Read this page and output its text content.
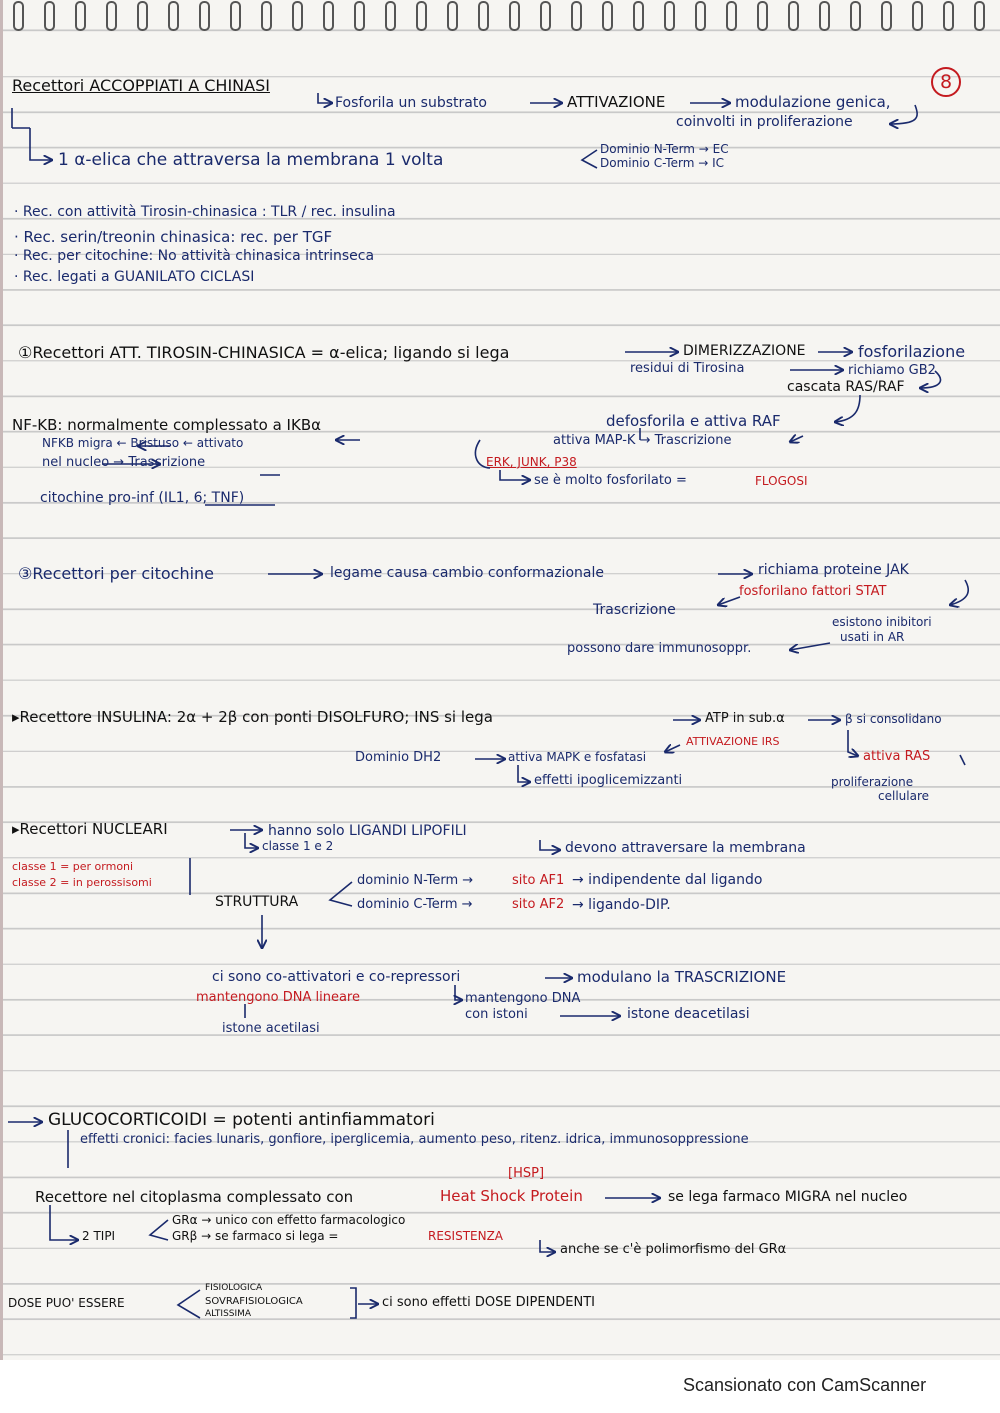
8
Recettori ACCOPPIATI A CHINASI
Fosforila un substrato	ATTIVAZIONE	modulazione genica,
coinvolti in proliferazione
1 α-elica che attraversa la membrana 1 volta
Dominio N-Term → EC
Dominio C-Term → IC
· Rec. con attività Tirosin-chinasica : TLR / rec. insulina
· Rec. serin/treonin chinasica: rec. per TGF
· Rec. per citochine: No attività chinasica intrinseca
· Rec. legati a GUANILATO CICLASI
①Recettori ATT. TIROSIN-CHINASICA = α-elica; ligando si lega	DIMERIZZAZIONE	fosforilazione
residui di Tirosina	richiamo GB2
cascata RAS/RAF
NF-KB: normalmente complessato a IKBα
NFKB migra ← Bristuso ← attivato
nel nucleo → Trascrizione
defosforila e attiva RAF
attiva MAP-K → Trascrizione
ERK, JUNK, P38
se è molto fosforilato =	FLOGOSI
citochine pro-inf (IL1, 6; TNF)
③Recettori per citochine	legame causa cambio conformazionale	richiama proteine JAK
fosforilano fattori STAT
Trascrizione
esistono inibitori
usati in AR
possono dare immunosoppr.
▸Recettore INSULINA: 2α + 2β con ponti DISOLFURO; INS si lega	ATP in sub.α	β si consolidano
ATTIVAZIONE IRS
Dominio DH2	attiva MAPK e fosfatasi	attiva RAS
effetti ipoglicemizzanti	proliferazione
cellulare
▸Recettori NUCLEARI	hanno solo LIGANDI LIPOFILI
classe 1 e 2	devono attraversare la membrana
classe 1 = per ormoni
classe 2 = in perossisomi
STRUTTURA
dominio N-Term →	sito AF1 → indipendente dal ligando
dominio C-Term →	sito AF2 → ligando-DIP.
ci sono co-attivatori e co-repressori	modulano la TRASCRIZIONE
mantengono DNA lineare	mantengono DNA
con istoni	istone deacetilasi
istone acetilasi
GLUCOCORTICOIDI = potenti antinfiammatori
effetti cronici: facies lunaris, gonfiore, iperglicemia, aumento peso, ritenz. idrica, immunosoppressione
[HSP]
Recettore nel citoplasma complessato con	Heat Shock Protein	se lega farmaco MIGRA nel nucleo
2 TIPI
GRα → unico con effetto farmacologico
GRβ → se farmaco si lega =	RESISTENZA
anche se c'è polimorfismo del GRα
DOSE PUO' ESSERE
FISIOLOGICA
SOVRAFISIOLOGICA
ALTISSIMA
ci sono effetti DOSE DIPENDENTI
Scansionato con CamScanner
